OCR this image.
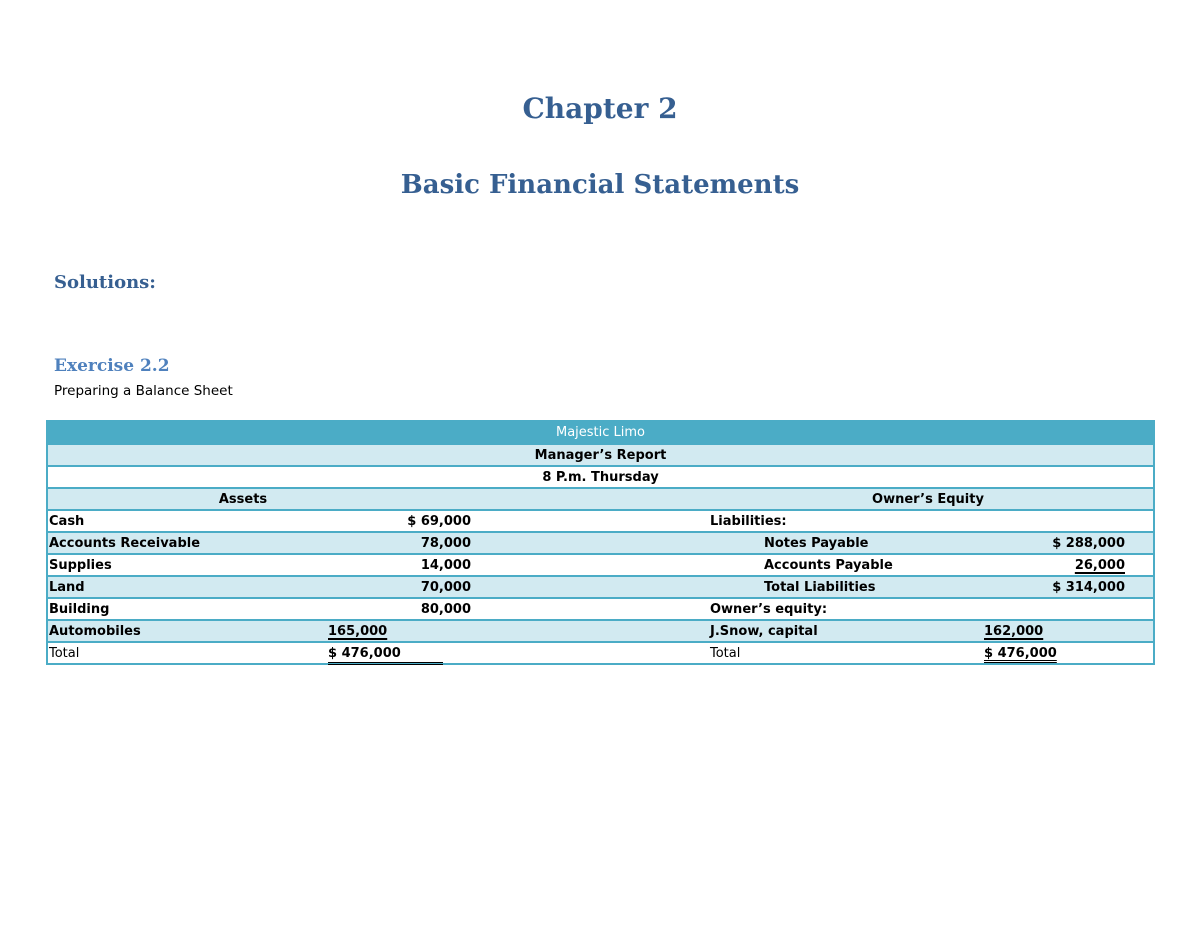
Chapter 2
Basic Financial Statements
Solutions:
Exercise 2.2
Preparing a Balance Sheet
Majestic Limo
Manager’s Report
8 P.m. Thursday
Assets	Owner’s Equity
Cash	$ 69,000	Liabilities:
Accounts Receivable	78,000	Notes Payable	$ 288,000
Supplies	14,000	Accounts Payable	26,000
Land	70,000	Total Liabilities	$ 314,000
Building	80,000	Owner’s equity:
Automobiles	165,000	J.Snow, capital	162,000
Total	$ 476,000	Total	$ 476,000
